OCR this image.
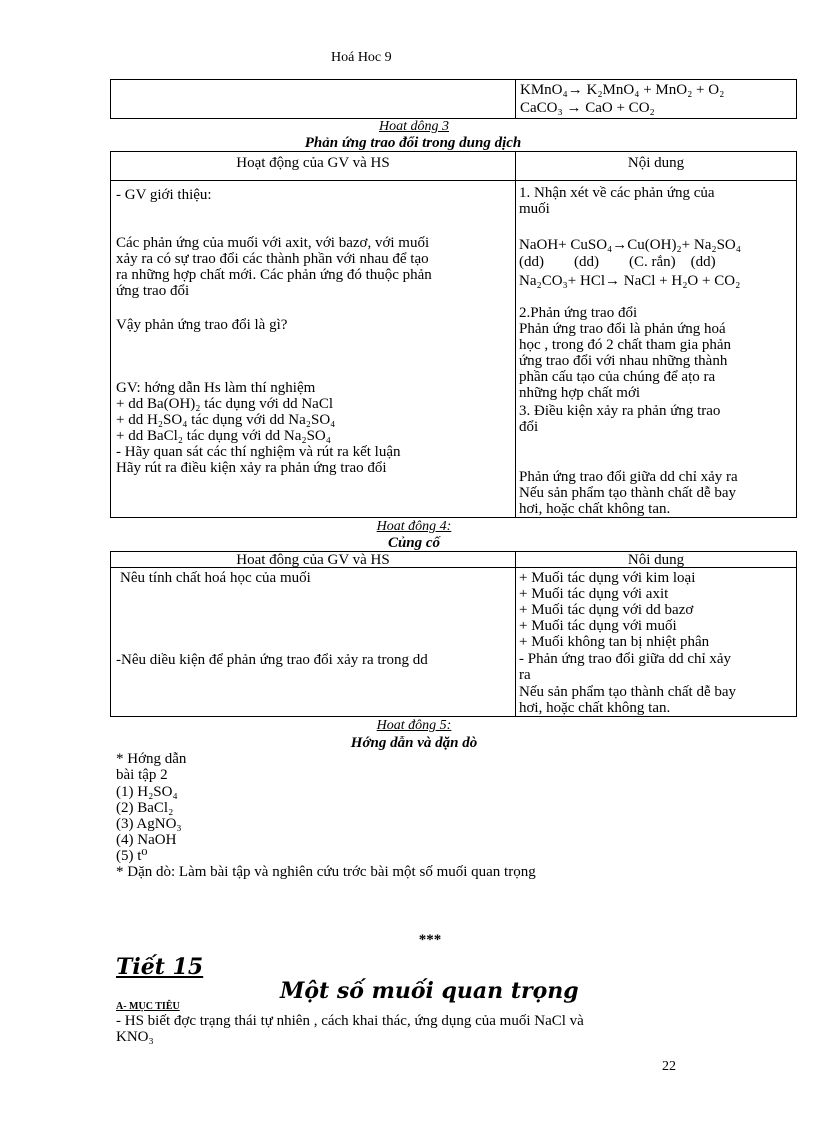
Hoá Hoc 9
KMnO₄→ K₂MnO₄ + MnO₂ + O₂
CaCO₃ → CaO + CO₂
Hoat dông 3
Phản ứng trao đổi trong dung dịch
Hoạt động của GV và HS	Nội dung
- GV giới thiệu:
Các phản ứng của muối với axit, với bazơ, với muối
xảy ra có sự trao đổi các thành phần với nhau để tạo
ra những hợp chất mới. Các phản ứng đó thuộc phản
ứng trao đổi
Vậy phản ứng trao đổi là gì?
GV: hớng dẫn Hs làm thí nghiệm
+ dd Ba(OH)₂ tác dụng với dd NaCl
+ dd H₂SO₄ tác dụng với dd Na₂SO₄
+ dd BaCl₂ tác dụng với dd Na₂SO₄
- Hãy quan sát các thí nghiệm và rút ra kết luận
Hãy rút ra điều kiện xảy ra phản ứng trao đổi
1. Nhận xét về các phản ứng của
muối
NaOH+ CuSO₄→Cu(OH)₂+ Na₂SO₄
(dd)        (dd)        (C. rắn)    (dd)
Na₂CO₃+ HCl→ NaCl + H₂O + CO₂
2.Phản ứng trao đổi
Phản ứng trao đổi là phản ứng hoá
học , trong đó 2 chất tham gia phản
ứng trao đổi với nhau những thành
phần cấu tạo của chúng để aṭo ra
những hợp chất mới
3. Điều kiện xảy ra phản ứng trao
đổi
Phản ứng trao đổi giữa dd chỉ xảy ra
Nếu sản phẩm tạo thành chất dễ bay
hơi, hoặc chất không tan.
Hoat đông 4:
Củng cố
Hoat đông của GV và HS	Nôi dung
Nêu tính chất hoá học của muối
-Nêu diều kiện để phản ứng trao đổi xảy ra trong dd
+ Muối tác dụng với kim loại
+ Muối tác dụng với axit
+ Muối tác dụng với dd bazơ
+ Muối tác dụng với muối
+ Muối không tan bị nhiệt phân
- Phản ứng trao đổi giữa dd chỉ xảy
ra
Nếu sản phẩm tạo thành chất dễ bay
hơi, hoặc chất không tan.
Hoat đông 5:
Hớng dẫn và dặn dò
* Hớng dẫn
bài tập 2
(1) H₂SO₄
(2) BaCl₂
(3) AgNO₃
(4) NaOH
(5) t⁰
* Dặn dò: Làm bài tập và nghiên cứu trớc bài một số muối quan trọng
***
Tiết 15
Một số muối quan trọng
A- MỤC TIÊU
- HS biết đợc trạng thái tự nhiên , cách khai thác, ứng dụng của muối NaCl và
KNO₃
22
